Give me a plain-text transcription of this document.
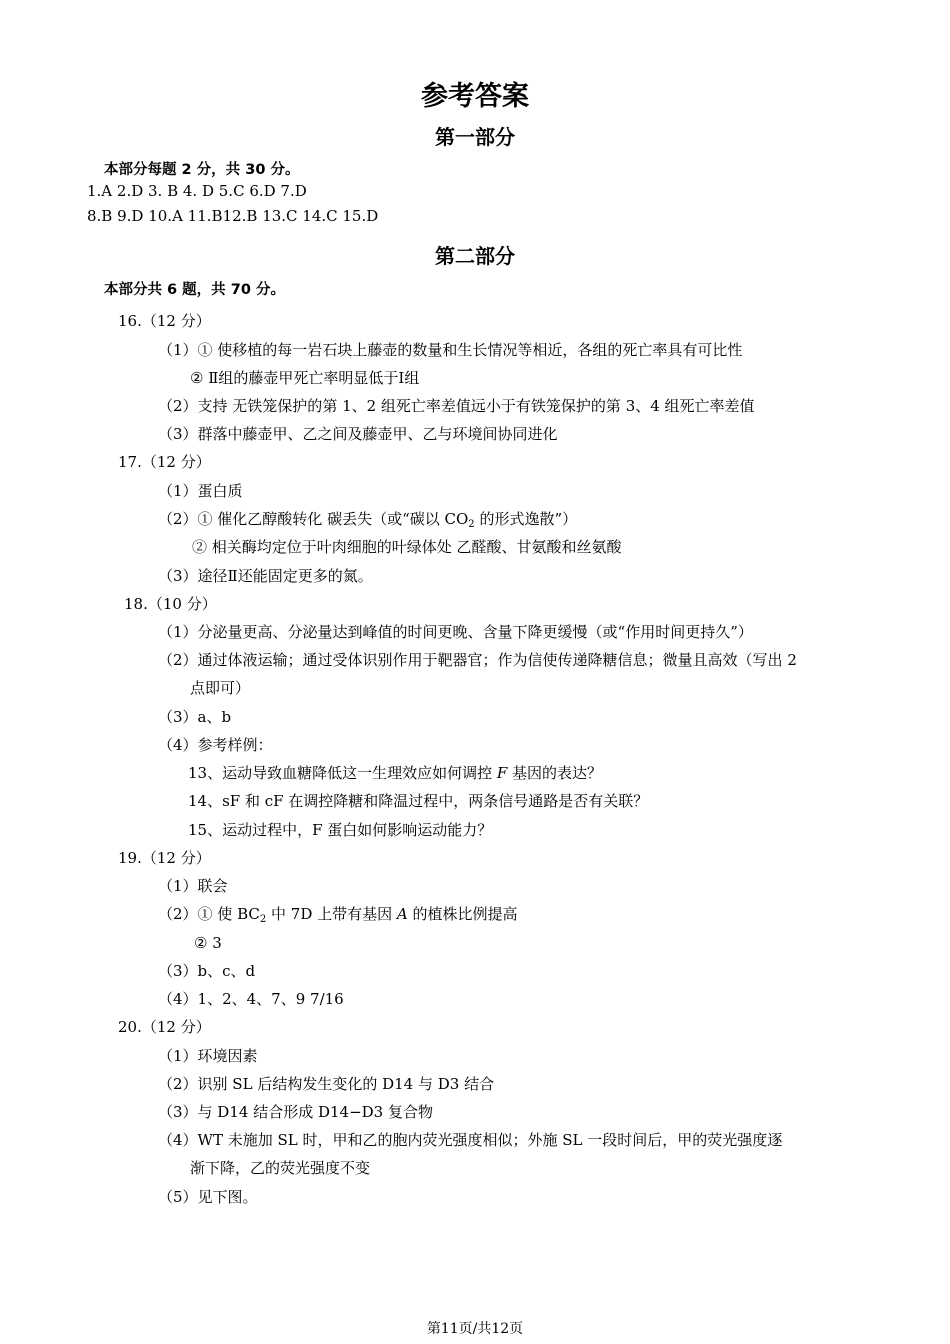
参考答案
第一部分
本部分每题 2 分，共 30 分。
1.A 2.D 3. B 4. D 5.C 6.D 7.D
8.B 9.D 10.A 11.B12.B 13.C 14.C 15.D
第二部分
本部分共 6 题，共 70 分。
16.（12 分）
（1）① 使移植的每一岩石块上藤壶的数量和生长情况等相近，各组的死亡率具有可比性
② Ⅱ组的藤壶甲死亡率明显低于Ⅰ组
（2）支持 无铁笼保护的第 1、2 组死亡率差值远小于有铁笼保护的第 3、4 组死亡率差值
（3）群落中藤壶甲、乙之间及藤壶甲、乙与环境间协同进化
17.（12 分）
（1）蛋白质
（2）① 催化乙醇酸转化 碳丢失（或“碳以 $CO_2$ 的形式逸散”）
② 相关酶均定位于叶肉细胞的叶绿体处 乙醛酸、甘氨酸和丝氨酸
（3）途径Ⅱ还能固定更多的氮。
18.（10 分）
（1）分泌量更高、分泌量达到峰值的时间更晚、含量下降更缓慢（或“作用时间更持久”）
（2）通过体液运输；通过受体识别作用于靶器官；作为信使传递降糖信息；微量且高效（写出 2
点即可）
（3）a、b
（4）参考样例：
13、运动导致血糖降低这一生理效应如何调控 F 基因的表达？
14、sF 和 cF 在调控降糖和降温过程中，两条信号通路是否有关联？
15、运动过程中，F 蛋白如何影响运动能力？
19.（12 分）
（1）联会
（2）① 使 $BC_2$ 中 7D 上带有基因 A 的植株比例提高
② 3
（3）b、c、d
（4）1、2、4、7、9 7/16
20.（12 分）
（1）环境因素
（2）识别 SL 后结构发生变化的 D14 与 D3 结合
（3）与 D14 结合形成 D14−D3 复合物
（4）WT 未施加 SL 时，甲和乙的胞内荧光强度相似；外施 SL 一段时间后，甲的荧光强度逐
渐下降，乙的荧光强度不变
（5）见下图。
第11页/共12页
